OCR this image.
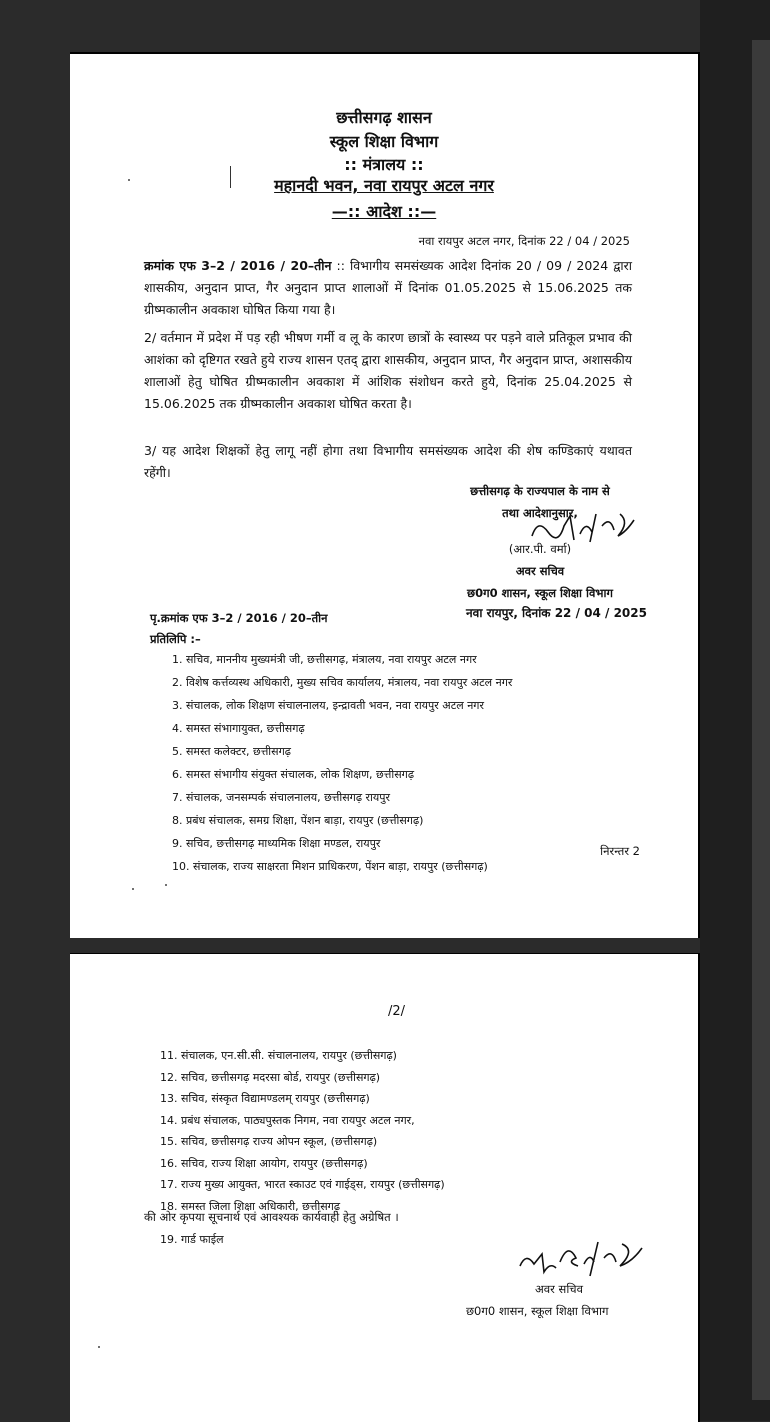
छत्तीसगढ़ शासन
स्कूल शिक्षा विभाग
:: मंत्रालय ::
महानदी भवन, नवा रायपुर अटल नगर
—:: आदेश ::—
नवा रायपुर अटल नगर, दिनांक 22 / 04 / 2025
क्रमांक एफ 3–2 / 2016 / 20–तीन :: विभागीय समसंख्यक आदेश दिनांक 20 / 09 / 2024 द्वारा शासकीय, अनुदान प्राप्त, गैर अनुदान प्राप्त शालाओं में दिनांक 01.05.2025 से 15.06.2025 तक ग्रीष्मकालीन अवकाश घोषित किया गया है।
2/ वर्तमान में प्रदेश में पड़ रही भीषण गर्मी व लू के कारण छात्रों के स्वास्थ्य पर पड़ने वाले प्रतिकूल प्रभाव की आशंका को दृष्टिगत रखते हुये राज्य शासन एतद् द्वारा शासकीय, अनुदान प्राप्त, गैर अनुदान प्राप्त, अशासकीय शालाओं हेतु घोषित ग्रीष्मकालीन अवकाश में आंशिक संशोधन करते हुये, दिनांक 25.04.2025 से 15.06.2025 तक ग्रीष्मकालीन अवकाश घोषित करता है।
3/ यह आदेश शिक्षकों हेतु लागू नहीं होगा तथा विभागीय समसंख्यक आदेश की शेष कण्डिकाएं यथावत रहेंगी।
छत्तीसगढ़ के राज्यपाल के नाम से
तथा आदेशानुसार,
(आर.पी. वर्मा)
अवर सचिव
छ0ग0 शासन, स्कूल शिक्षा विभाग
नवा रायपुर, दिनांक 22 / 04 / 2025
पृ.क्रमांक एफ 3–2 / 2016 / 20–तीन
प्रतिलिपि :–
1. सचिव, माननीय मुख्यमंत्री जी, छत्तीसगढ़, मंत्रालय, नवा रायपुर अटल नगर
2. विशेष कर्त्तव्यस्थ अधिकारी, मुख्य सचिव कार्यालय, मंत्रालय, नवा रायपुर अटल नगर
3. संचालक, लोक शिक्षण संचालनालय, इन्द्रावती भवन, नवा रायपुर अटल नगर
4. समस्त संभागायुक्त, छत्तीसगढ़
5. समस्त कलेक्टर, छत्तीसगढ़
6. समस्त संभागीय संयुक्त संचालक, लोक शिक्षण, छत्तीसगढ़
7. संचालक, जनसम्पर्क संचालनालय, छत्तीसगढ़ रायपुर
8. प्रबंध संचालक, समग्र शिक्षा, पेंशन बाड़ा, रायपुर (छत्तीसगढ़)
9. सचिव, छत्तीसगढ़ माध्यमिक शिक्षा मण्डल, रायपुर
10. संचालक, राज्य साक्षरता मिशन प्राधिकरण, पेंशन बाड़ा, रायपुर (छत्तीसगढ़)
निरन्तर 2
/2/
11. संचालक, एन.सी.सी. संचालनालय, रायपुर (छत्तीसगढ़)
12. सचिव, छत्तीसगढ़ मदरसा बोर्ड, रायपुर (छत्तीसगढ़)
13. सचिव, संस्कृत विद्यामण्डलम् रायपुर (छत्तीसगढ़)
14. प्रबंध संचालक, पाठ्यपुस्तक निगम, नवा रायपुर अटल नगर,
15. सचिव, छत्तीसगढ़ राज्य ओपन स्कूल, (छत्तीसगढ़)
16. सचिव, राज्य शिक्षा आयोग, रायपुर (छत्तीसगढ़)
17. राज्य मुख्य आयुक्त, भारत स्काउट एवं गाईड्स, रायपुर (छत्तीसगढ़)
18. समस्त जिला शिक्षा अधिकारी, छत्तीसगढ़
की ओर कृपया सूचनार्थ एवं आवश्यक कार्यवाही हेतु अग्रेषित ।
19. गार्ड फाईल
अवर सचिव
छ0ग0 शासन, स्कूल शिक्षा विभाग
